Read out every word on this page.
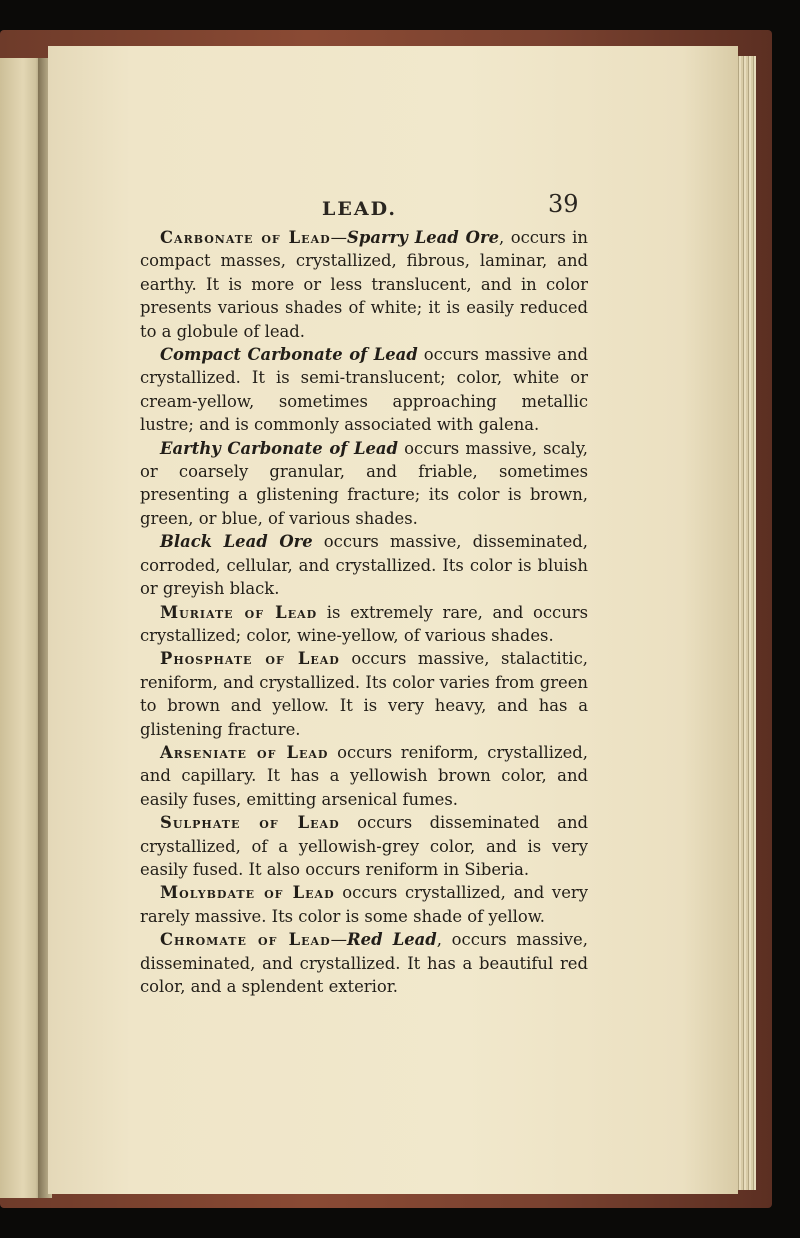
LEAD.	39

Carbonate of Lead—Sparry Lead Ore, occurs in compact masses, crystallized, fibrous, laminar, and earthy. It is more or less translucent, and in color presents various shades of white; it is easily reduced to a globule of lead.

Compact Carbonate of Lead occurs massive and crystallized. It is semi-translucent; color, white or cream-yellow, sometimes approaching metallic lustre; and is commonly associated with galena.

Earthy Carbonate of Lead occurs massive, scaly, or coarsely granular, and friable, sometimes presenting a glistening fracture; its color is brown, green, or blue, of various shades.

Black Lead Ore occurs massive, disseminated, corroded, cellular, and crystallized. Its color is bluish or greyish black.

Muriate of Lead is extremely rare, and occurs crystallized; color, wine-yellow, of various shades.

Phosphate of Lead occurs massive, stalactitic, reniform, and crystallized. Its color varies from green to brown and yellow. It is very heavy, and has a glistening fracture.

Arseniate of Lead occurs reniform, crystallized, and capillary. It has a yellowish brown color, and easily fuses, emitting arsenical fumes.

Sulphate of Lead occurs disseminated and crystallized, of a yellowish-grey color, and is very easily fused. It also occurs reniform in Siberia.

Molybdate of Lead occurs crystallized, and very rarely massive. Its color is some shade of yellow.

Chromate of Lead—Red Lead, occurs massive, disseminated, and crystallized. It has a beautiful red color, and a splendent exterior.
